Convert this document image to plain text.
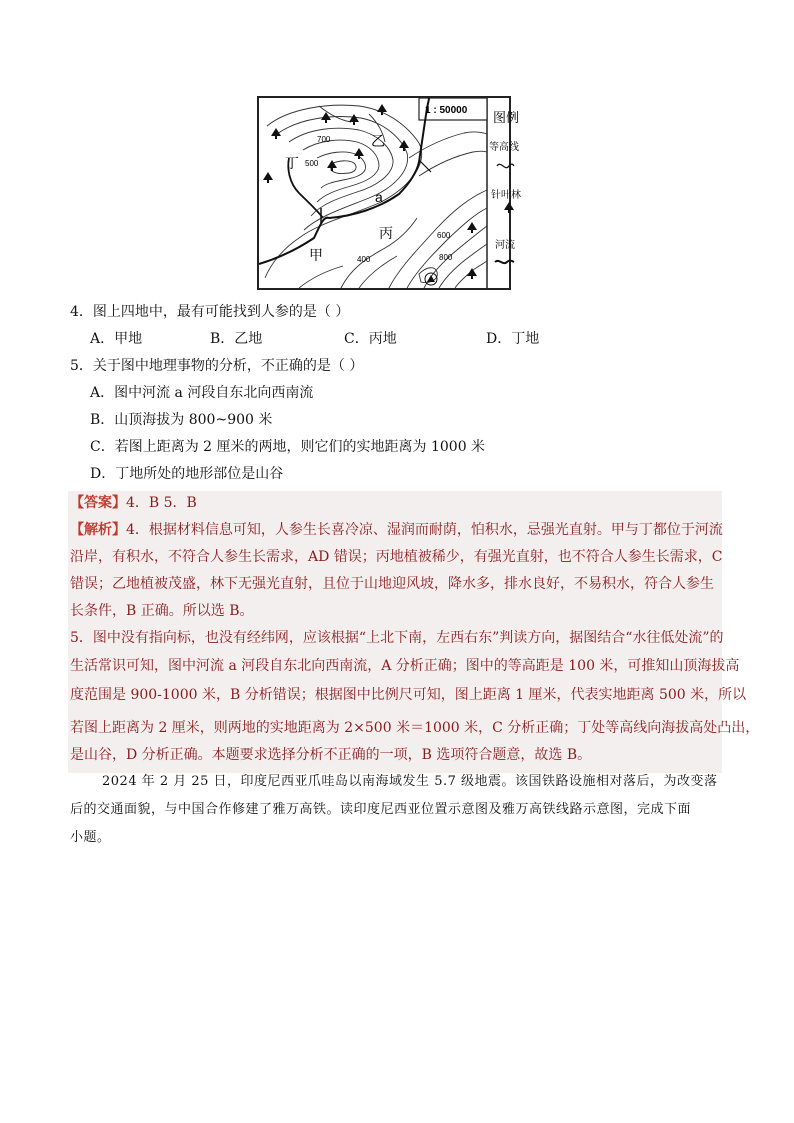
1 : 50000
图例
等高线
针叶林
河流
a
乙
丁
丙
甲
700
500
400
600
800
4．图上四地中，最有可能找到人参的是（ ）
A．甲地	B．乙地	C．丙地	D．丁地
5．关于图中地理事物的分析，不正确的是（ ）
A．图中河流 a 河段自东北向西南流
B．山顶海拔为 800~900 米
C．若图上距离为 2 厘米的两地，则它们的实地距离为 1000 米
D．丁地所处的地形部位是山谷
【答案】4．B 5．B
【解析】4．根据材料信息可知，人参生长喜冷凉、湿润而耐荫，怕积水，忌强光直射。甲与丁都位于河流
沿岸，有积水，不符合人参生长需求，AD 错误；丙地植被稀少，有强光直射，也不符合人参生长需求，C
错误；乙地植被茂盛，林下无强光直射，且位于山地迎风坡，降水多，排水良好，不易积水，符合人参生
长条件，B 正确。所以选 B。
5．图中没有指向标，也没有经纬网，应该根据“上北下南，左西右东”判读方向，据图结合“水往低处流”的
生活常识可知，图中河流 a 河段自东北向西南流，A 分析正确；图中的等高距是 100 米，可推知山顶海拔高
度范围是 900-1000 米，B 分析错误；根据图中比例尺可知，图上距离 1 厘米，代表实地距离 500 米，所以
若图上距离为 2 厘米，则两地的实地距离为 2×500 米＝1000 米，C 分析正确；丁处等高线向海拔高处凸出，
是山谷，D 分析正确。本题要求选择分析不正确的一项，B 选项符合题意，故选 B。
2024 年 2 月 25 日，印度尼西亚爪哇岛以南海域发生 5.7 级地震。该国铁路设施相对落后，为改变落
后的交通面貌，与中国合作修建了雅万高铁。读印度尼西亚位置示意图及雅万高铁线路示意图，完成下面
小题。
